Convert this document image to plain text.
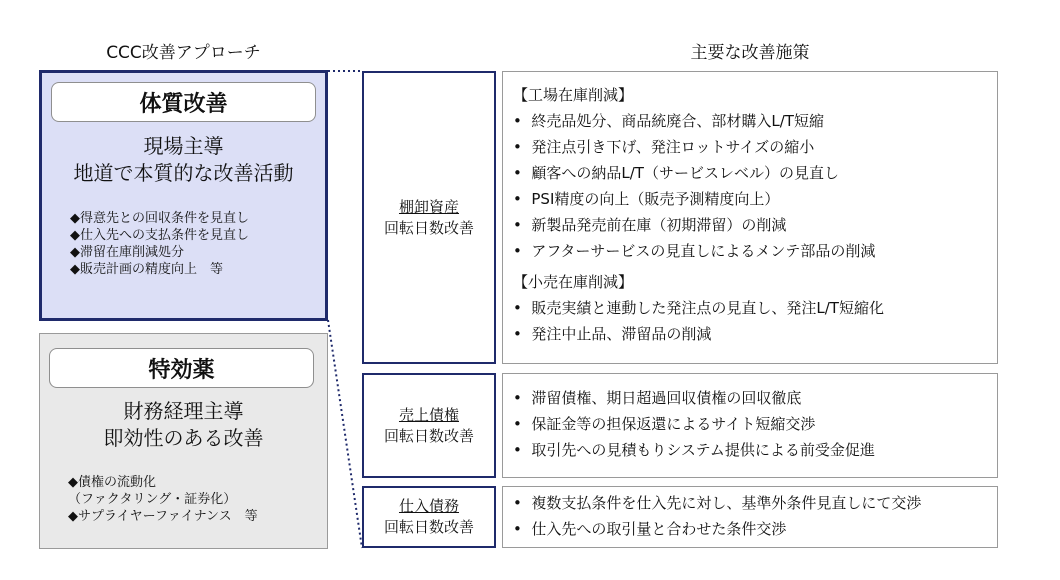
CCC改善アプローチ	主要な改善施策
体質改善
現場主導
地道で本質的な改善活動
◆得意先との回収条件を見直し
◆仕入先への支払条件を見直し
◆滞留在庫削減処分
◆販売計画の精度向上　等
特効薬
財務経理主導
即効性のある改善
◆債権の流動化
（ファクタリング・証券化）
◆サプライヤーファイナンス　等
棚卸資産
回転日数改善
売上債権
回転日数改善
仕入債務
回転日数改善
【工場在庫削減】
•  終売品処分、商品統廃合、部材購入L/T短縮
•  発注点引き下げ、発注ロットサイズの縮小
•  顧客への納品L/T（サービスレベル）の見直し
•  PSI精度の向上（販売予測精度向上）
•  新製品発売前在庫（初期滞留）の削減
•  アフターサービスの見直しによるメンテ部品の削減
【小売在庫削減】
•  販売実績と連動した発注点の見直し、発注L/T短縮化
•  発注中止品、滞留品の削減
•  滞留債権、期日超過回収債権の回収徹底
•  保証金等の担保返還によるサイト短縮交渉
•  取引先への見積もりシステム提供による前受金促進
•  複数支払条件を仕入先に対し、基準外条件見直しにて交渉
•  仕入先への取引量と合わせた条件交渉
